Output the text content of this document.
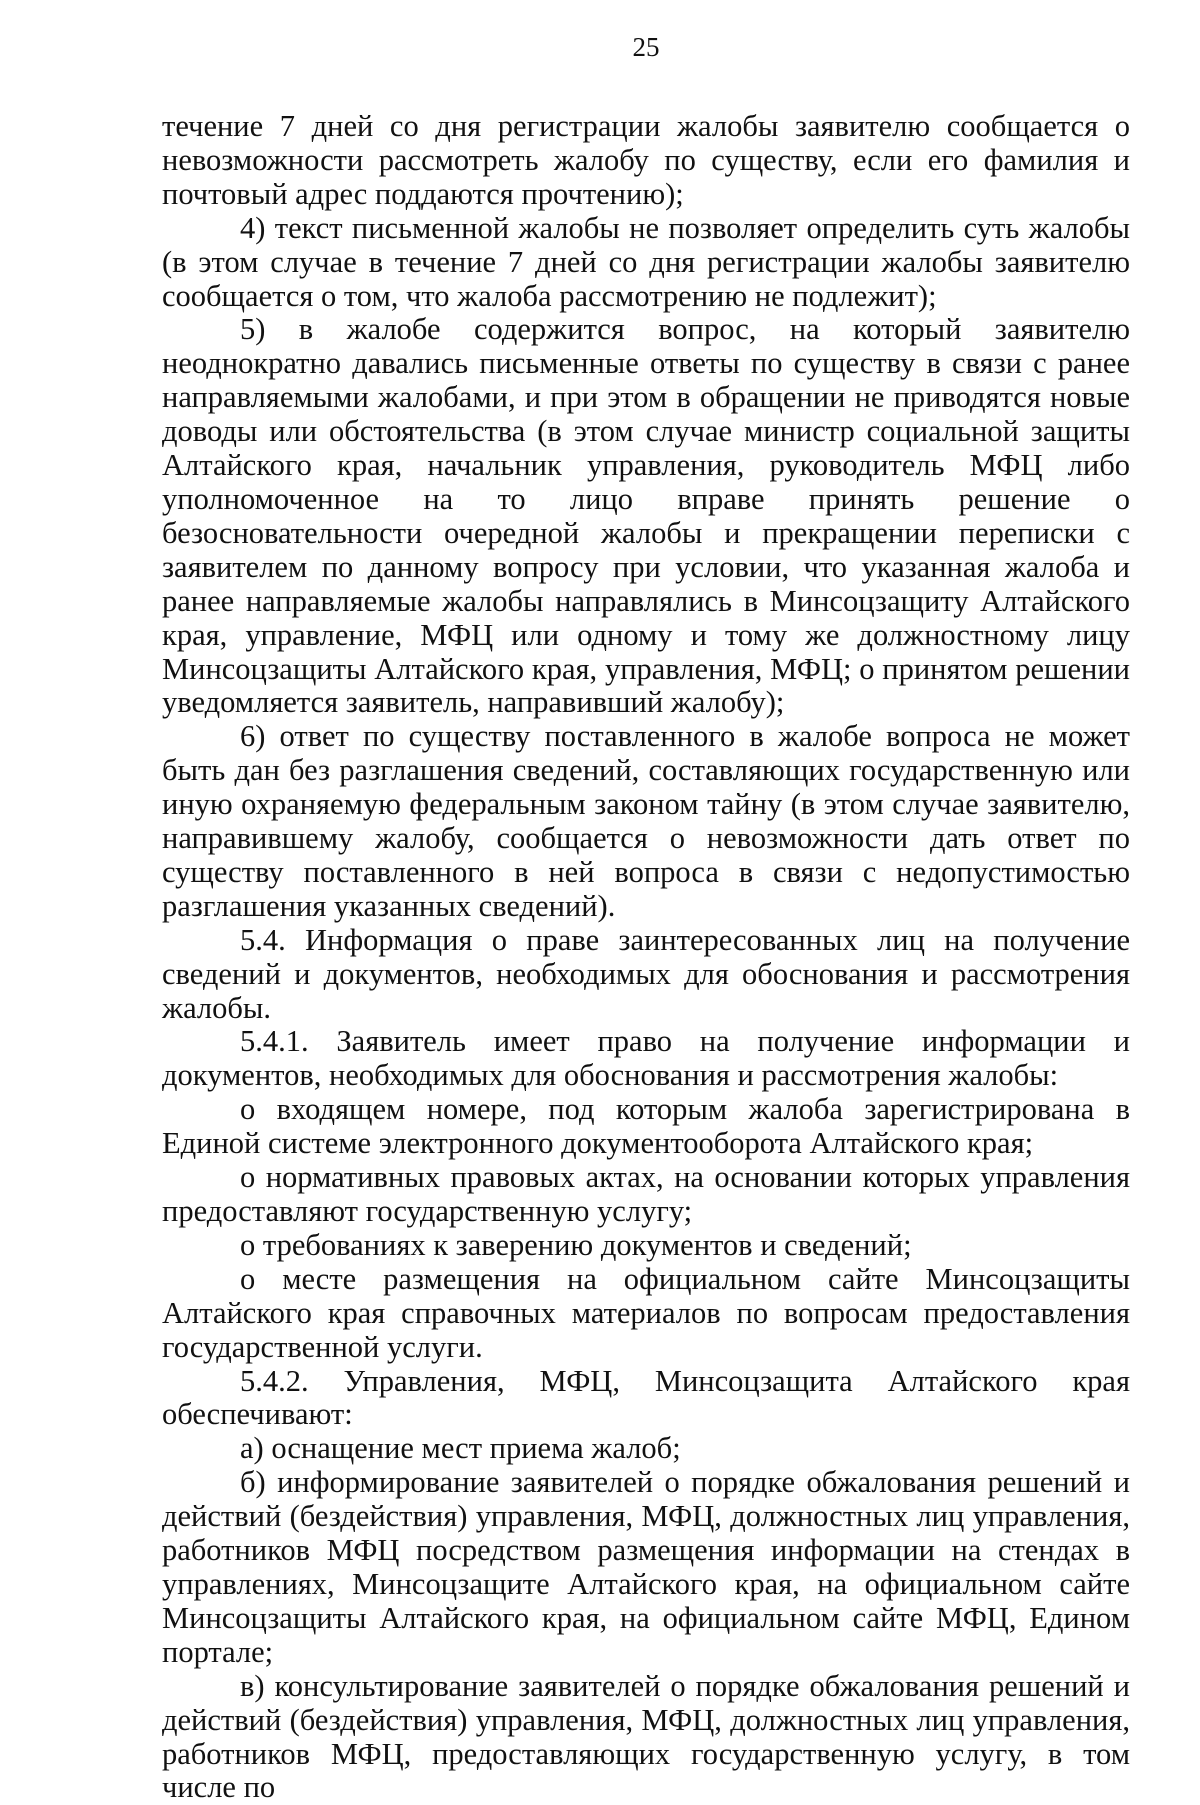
25

течение 7 дней со дня регистрации жалобы заявителю сообщается о невозможности рассмотреть жалобу по существу, если его фамилия и почтовый адрес поддаются прочтению);

4) текст письменной жалобы не позволяет определить суть жалобы (в этом случае в течение 7 дней со дня регистрации жалобы заявителю сообщается о том, что жалоба рассмотрению не подлежит);

5) в жалобе содержится вопрос, на который заявителю неоднократно давались письменные ответы по существу в связи с ранее направляемыми жалобами, и при этом в обращении не приводятся новые доводы или обстоятельства (в этом случае министр социальной защиты Алтайского края, начальник управления, руководитель МФЦ либо уполномоченное на то лицо вправе принять решение о безосновательности очередной жалобы и прекращении переписки с заявителем по данному вопросу при условии, что указанная жалоба и ранее направляемые жалобы направлялись в Минсоцзащиту Алтайского края, управление, МФЦ или одному и тому же должностному лицу Минсоцзащиты Алтайского края, управления, МФЦ; о принятом решении уведомляется заявитель, направивший жалобу);

6) ответ по существу поставленного в жалобе вопроса не может быть дан без разглашения сведений, составляющих государственную или иную охраняемую федеральным законом тайну (в этом случае заявителю, направившему жалобу, сообщается о невозможности дать ответ по существу поставленного в ней вопроса в связи с недопустимостью разглашения указанных сведений).

5.4. Информация о праве заинтересованных лиц на получение сведений и документов, необходимых для обоснования и рассмотрения жалобы.

5.4.1. Заявитель имеет право на получение информации и документов, необходимых для обоснования и рассмотрения жалобы:

о входящем номере, под которым жалоба зарегистрирована в Единой системе электронного документооборота Алтайского края;

о нормативных правовых актах, на основании которых управления предоставляют государственную услугу;

о требованиях к заверению документов и сведений;

о месте размещения на официальном сайте Минсоцзащиты Алтайского края справочных материалов по вопросам предоставления государственной услуги.

5.4.2. Управления, МФЦ, Минсоцзащита Алтайского края обеспечивают:

а) оснащение мест приема жалоб;

б) информирование заявителей о порядке обжалования решений и действий (бездействия) управления, МФЦ, должностных лиц управления, работников МФЦ посредством размещения информации на стендах в управлениях, Минсоцзащите Алтайского края, на официальном сайте Минсоцзащиты Алтайского края, на официальном сайте МФЦ, Едином портале;

в) консультирование заявителей о порядке обжалования решений и действий (бездействия) управления, МФЦ, должностных лиц управления, работников МФЦ, предоставляющих государственную услугу, в том числе по
